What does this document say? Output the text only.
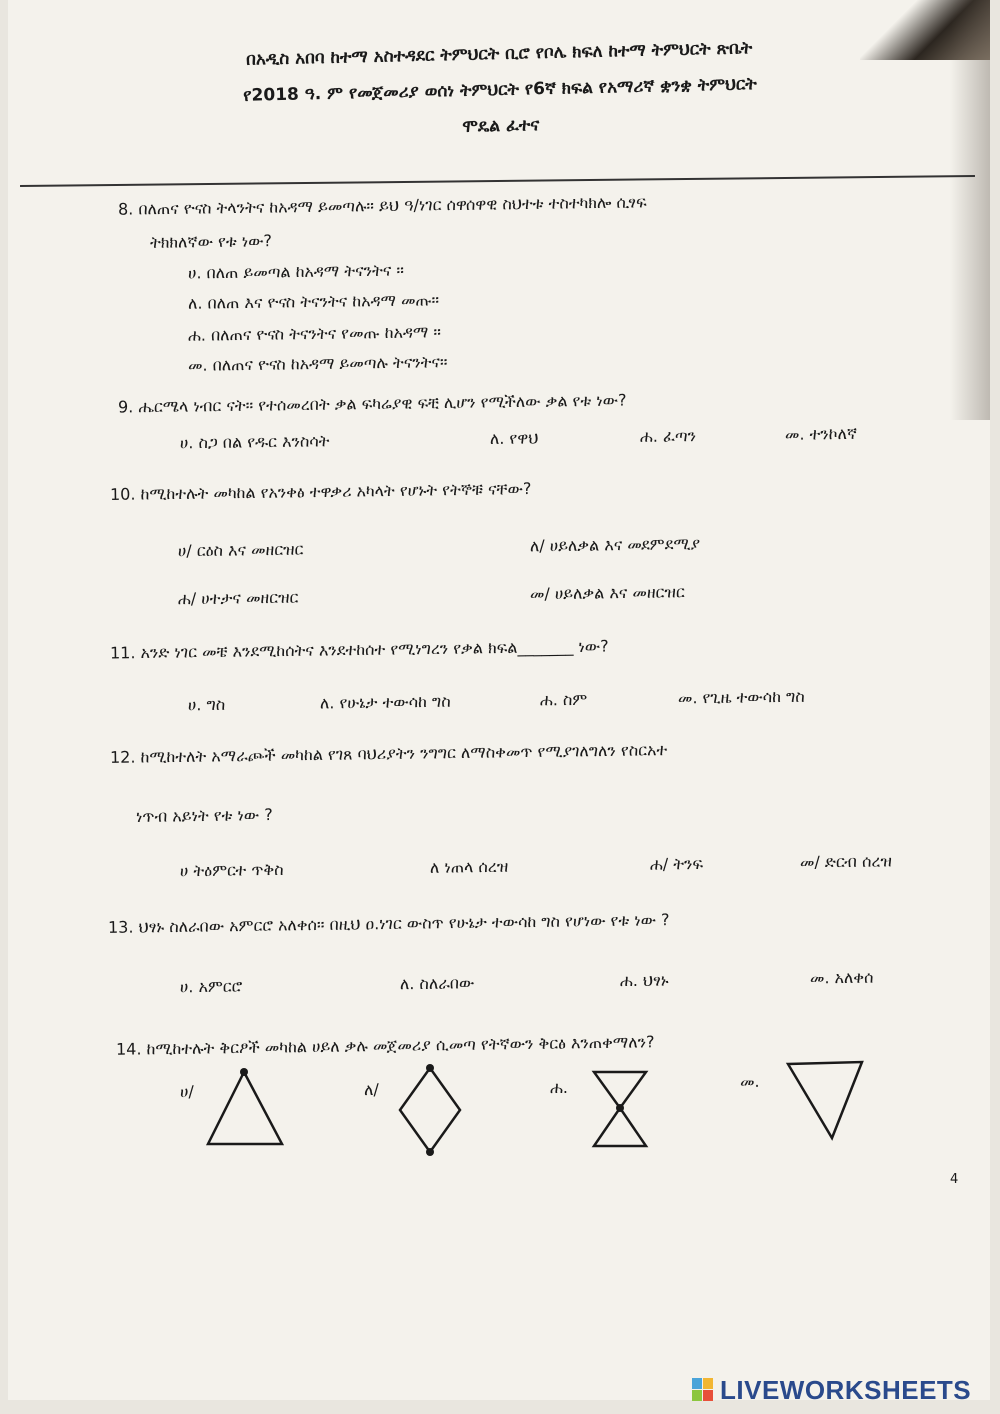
በአዲስ አበባ ከተማ አስተዳደር ትምህርት ቢሮ የቦሌ ክፍለ ከተማ ትምህርት ጽቤት
የ2018 ዓ. ም የመጀመሪያ ወሰነ ትምህርት የ6ኛ ክፍል የአማሪኛ ቋንቋ ትምህርት
ሞዴል ፈተና
8. በለጠና ዮናስ ትላንትና ከአዳማ ይመጣሉ፡፡ ይህ ዓ/ነገር ሰዋሰዋዊ ስህተቱ ተስተካክሎ ሲፃፍ
ትክክለኛው የቱ ነው?
ሀ. በለጠ ይመጣል ከአዳማ ትናንትና ፡፡
ለ. በለጠ እና ዮናስ ትናንትና ከአዳማ መጡ፡፡
ሐ. በለጠና ዮናስ ትናንትና የመጡ ከአዳማ ፡፡
መ. በለጠና ዮናስ ከአዳማ ይመጣሉ ትናንትና፡፡
9. ሔርሜላ ነብር ናት፡፡ የተሰመረበት ቃል ፍካሬያዊ ፍቺ ሊሆን የሚችለው ቃል የቱ ነው?
ሀ. ስጋ በል የዱር እንስሳት	ለ. የዋህ	ሐ. ፈጣን	መ. ተንኮለኛ
10. ከሚከተሉት መካከል የአንቀፅ ተዋቃሪ አካላት የሆኑት የትኞቹ ናቸው?
ሀ/ ርዕስ እና መዘርዝር	ለ/ ሀይለቃል እና መደምደሚያ
ሐ/ ሀተታና መዘርዝር	መ/ ሀይለቃል እና መዘርዝር
11. አንድ ነገር መቼ እንደሚከሰትና እንደተከሰተ የሚነግረን የቃል ክፍል_______ ነው?
ሀ. ግስ	ለ. የሁኔታ ተውሳከ ግስ	ሐ. ስም	መ. የጊዜ ተውሳከ ግስ
12. ከሚከተለት አማራጮች መካከል የገጸ ባህሪያትን ንግግር ለማስቀመጥ የሚያገለግለን የስርአተ
ነጥብ አይነት የቱ ነው ?
ሀ ትዕምርተ ጥቅስ	ለ ነጠላ ሰረዝ	ሐ/ ትንፍ	መ/ ድርብ ሰረዝ
13. ህፃኑ ስለራበው አምርሮ አለቀሰ፡፡ በዚህ ዐ.ነገር ውስጥ የሁኔታ ተውሳከ ግስ የሆነው የቱ ነው ?
ሀ. አምርሮ	ለ. ስለራበው	ሐ. ህፃኑ	መ. አለቀሰ
14. ከሚከተሉት ቅርፆች መካከል ሀይለ ቃሉ መጀመሪያ ሲመጣ የትኛውን ቅርፅ እንጠቀማለን?
ሀ/	ለ/	ሐ.	መ.
4
LIVEWORKSHEETS
